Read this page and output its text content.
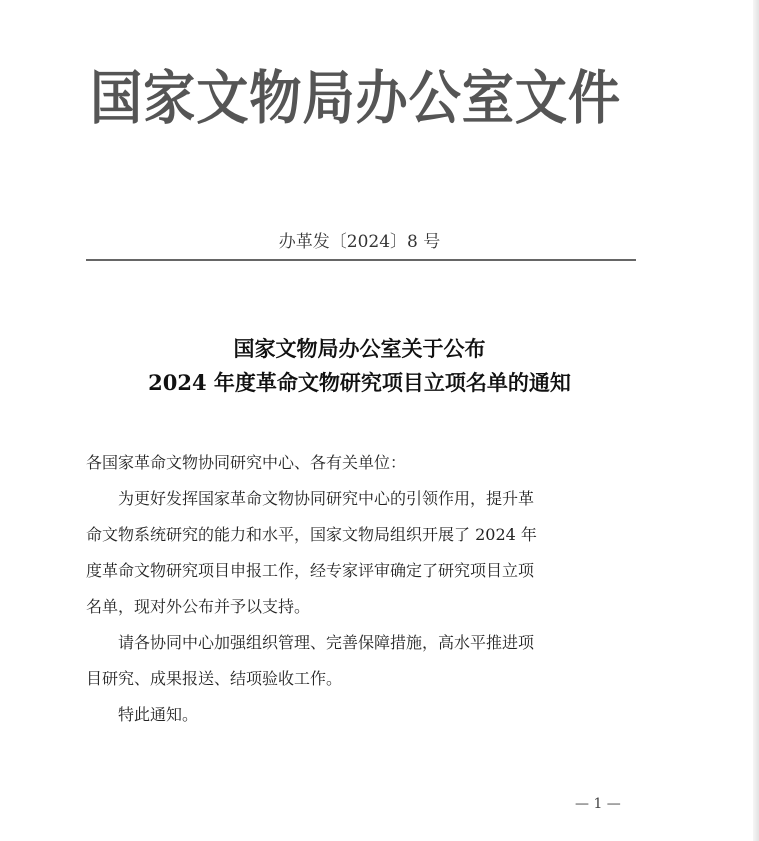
国家文物局办公室文件
办革发〔2024〕8 号
国家文物局办公室关于公布
2024 年度革命文物研究项目立项名单的通知
各国家革命文物协同研究中心、各有关单位：
为更好发挥国家革命文物协同研究中心的引领作用，提升革
命文物系统研究的能力和水平，国家文物局组织开展了 2024 年
度革命文物研究项目申报工作，经专家评审确定了研究项目立项
名单，现对外公布并予以支持。
请各协同中心加强组织管理、完善保障措施，高水平推进项
目研究、成果报送、结项验收工作。
特此通知。
— 1 —
